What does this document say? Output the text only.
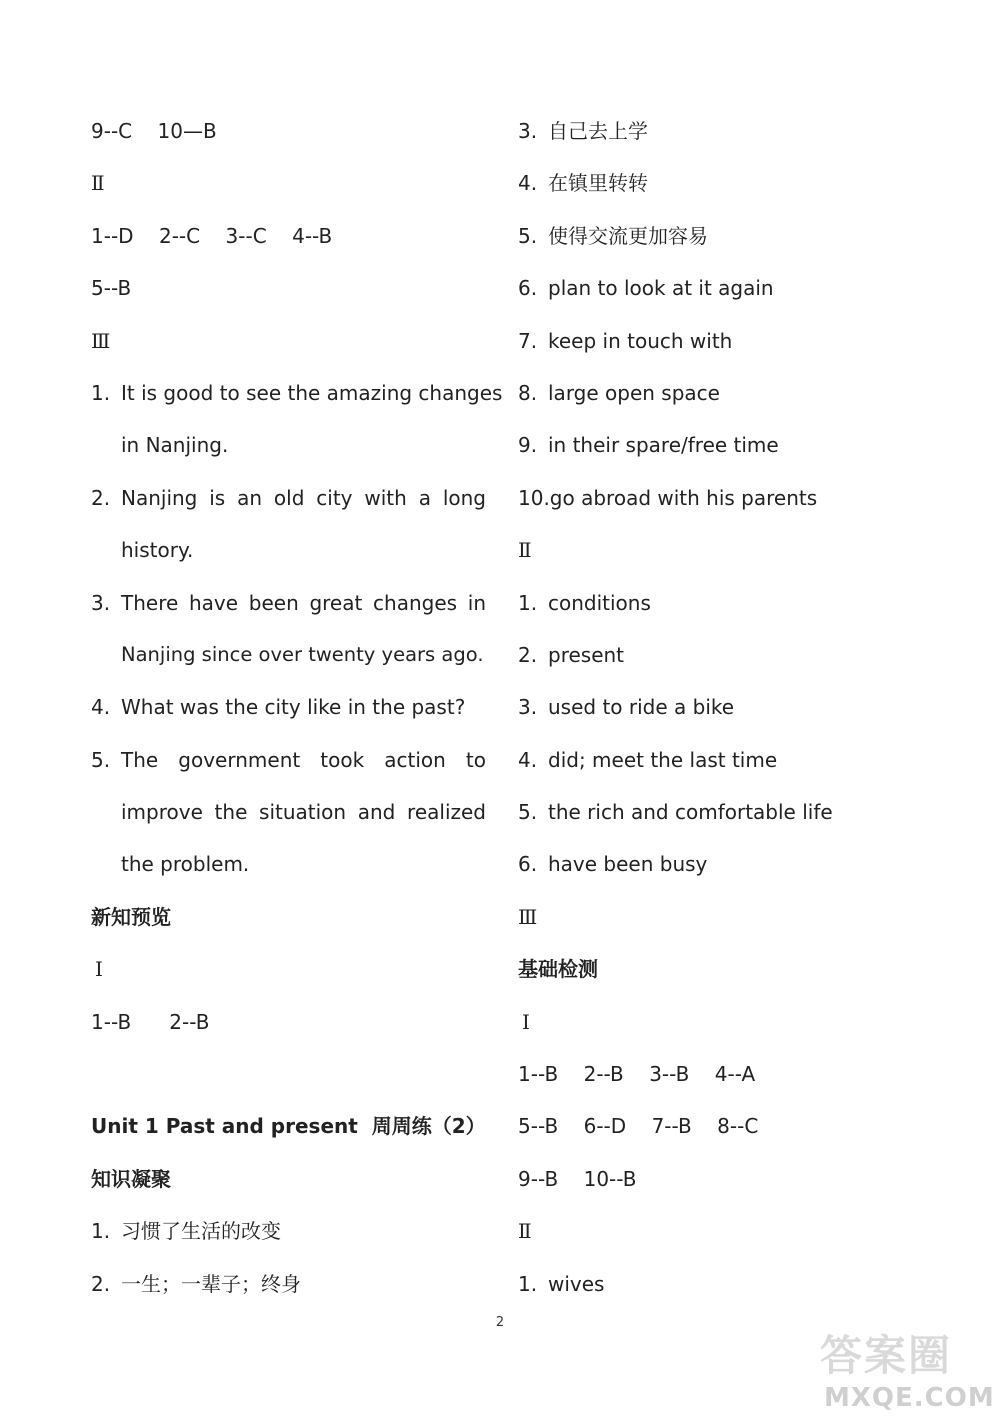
9--C    10—B
Ⅱ
1--D    2--C    3--C    4--B
5--B
Ⅲ
1. It is good to see the amazing changes
in Nanjing.
2. Nanjing is an old city with a long
history.
3. There have been great changes in
Nanjing since over twenty years ago.
4. What was the city like in the past?
5. The government took action to
improve the situation and realized
the problem.
新知预览
Ⅰ
1--B      2--B
Unit 1 Past and present  周周练（2）
知识凝聚
1. 习惯了生活的改变
2. 一生；一辈子；终身
3. 自己去上学
4. 在镇里转转
5. 使得交流更加容易
6. plan to look at it again
7. keep in touch with
8. large open space
9. in their spare/free time
10.go abroad with his parents
Ⅱ
1. conditions
2. present
3. used to ride a bike
4. did; meet the last time
5. the rich and comfortable life
6. have been busy
Ⅲ
基础检测
Ⅰ
1--B    2--B    3--B    4--A
5--B    6--D    7--B    8--C
9--B    10--B
Ⅱ
1. wives
2
答案圈
MXQE.COM
